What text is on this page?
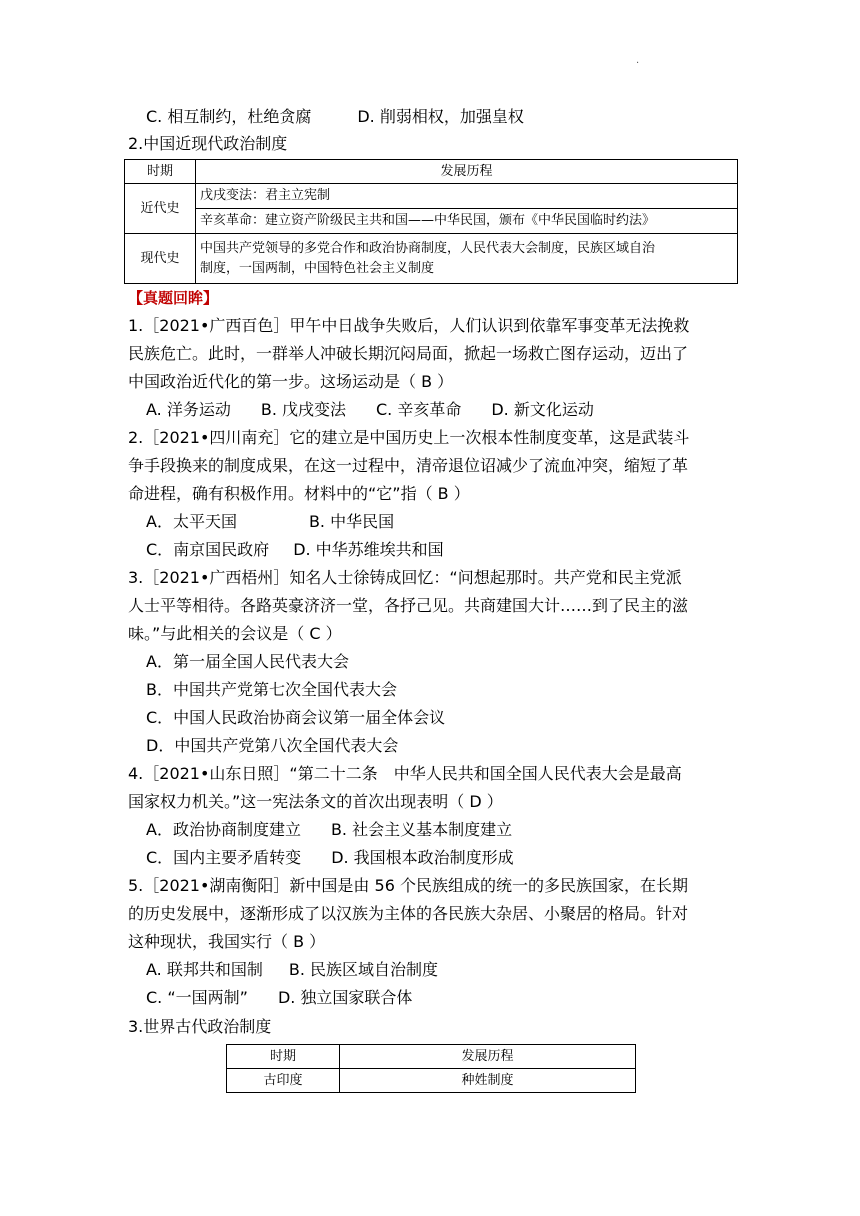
·
C. 相互制约，杜绝贪腐	D. 削弱相权，加强皇权
2.中国近现代政治制度
时期	发展历程
近代史	戊戌变法：君主立宪制
	辛亥革命：建立资产阶级民主共和国——中华民国，颁布《中华民国临时约法》
现代史	中国共产党领导的多党合作和政治协商制度，人民代表大会制度，民族区域自治
制度，一国两制，中国特色社会主义制度
【真题回眸】
1.［2021•广西百色］甲午中日战争失败后，人们认识到依靠军事变革无法挽救
民族危亡。此时，一群举人冲破长期沉闷局面，掀起一场救亡图存运动，迈出了
中国政治近代化的第一步。这场运动是（ B ）
A. 洋务运动 B. 戊戌变法 C. 辛亥革命 D. 新文化运动
2.［2021•四川南充］它的建立是中国历史上一次根本性制度变革，这是武装斗
争手段换来的制度成果，在这一过程中，清帝退位诏减少了流血冲突，缩短了革
命进程，确有积极作用。材料中的“它”指（ B ）
A．太平天国	B. 中华民国
C．南京国民政府 D. 中华苏维埃共和国
3.［2021•广西梧州］知名人士徐铸成回忆：“问想起那时。共产党和民主党派
人士平等相待。各路英豪济济一堂，各抒己见。共商建国大计……到了民主的滋
味。”与此相关的会议是（ C ）
A．第一届全国人民代表大会
B．中国共产党第七次全国代表大会
C．中国人民政治协商会议第一届全体会议
D．中国共产党第八次全国代表大会
4.［2021•山东日照］“第二十二条　中华人民共和国全国人民代表大会是最高
国家权力机关。”这一宪法条文的首次出现表明（ D ）
A．政治协商制度建立 B. 社会主义基本制度建立
C．国内主要矛盾转变 D. 我国根本政治制度形成
5.［2021•湖南衡阳］新中国是由 56 个民族组成的统一的多民族国家，在长期
的历史发展中，逐渐形成了以汉族为主体的各民族大杂居、小聚居的格局。针对
这种现状，我国实行（ B ）
A. 联邦共和国制 B. 民族区域自治制度
C. “一国两制” D. 独立国家联合体
3.世界古代政治制度
时期	发展历程
古印度	种姓制度
